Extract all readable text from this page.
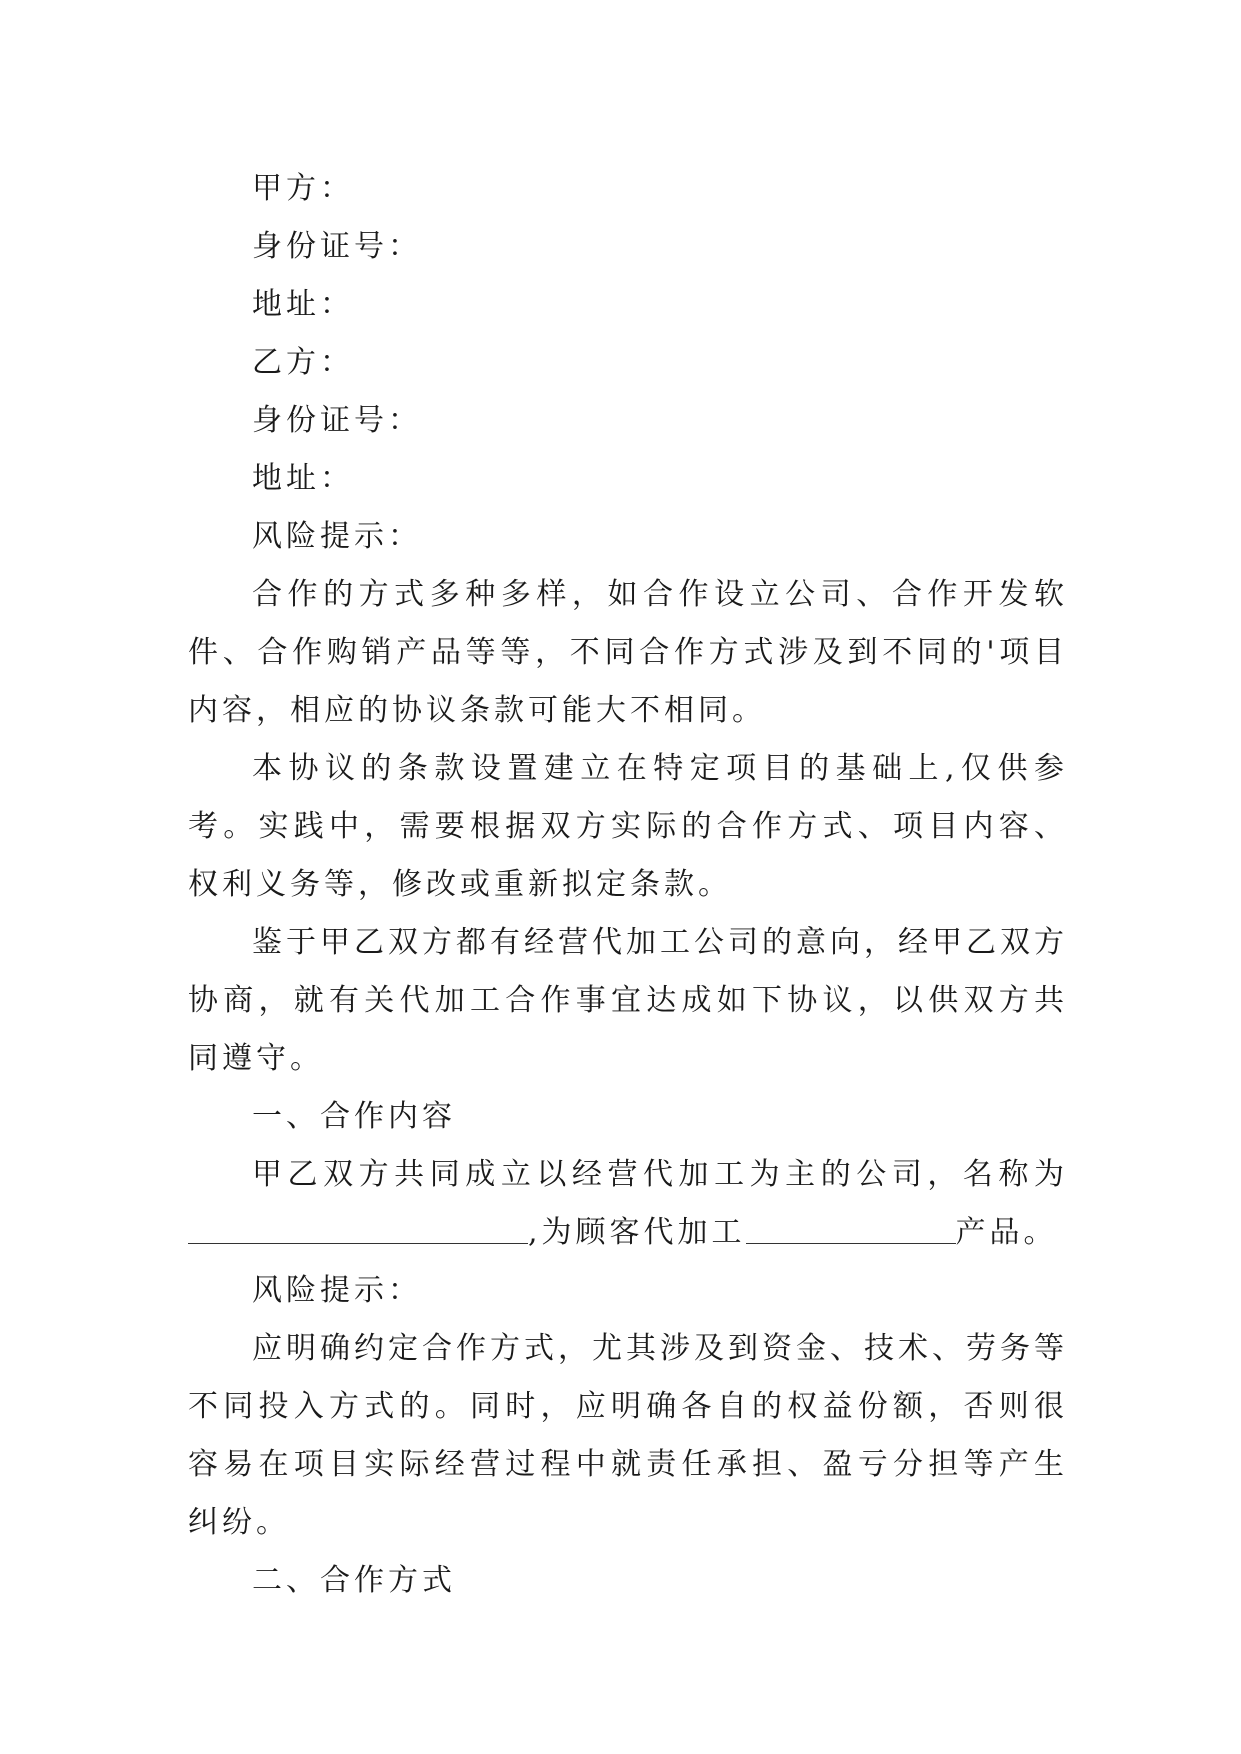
甲方：

身份证号：

地址：

乙方：

身份证号：

地址：

风险提示：

合作的方式多种多样，如合作设立公司、合作开发软件、合作购销产品等等，不同合作方式涉及到不同的'项目内容，相应的协议条款可能大不相同。

本协议的条款设置建立在特定项目的基础上,仅供参考。实践中，需要根据双方实际的合作方式、项目内容、权利义务等，修改或重新拟定条款。

鉴于甲乙双方都有经营代加工公司的意向，经甲乙双方协商，就有关代加工合作事宜达成如下协议，以供双方共同遵守。

一、合作内容

甲乙双方共同成立以经营代加工为主的公司，名称为,为顾客代加工	产品。

风险提示：

应明确约定合作方式，尤其涉及到资金、技术、劳务等不同投入方式的。同时，应明确各自的权益份额，否则很容易在项目实际经营过程中就责任承担、盈亏分担等产生纠纷。

二、合作方式
